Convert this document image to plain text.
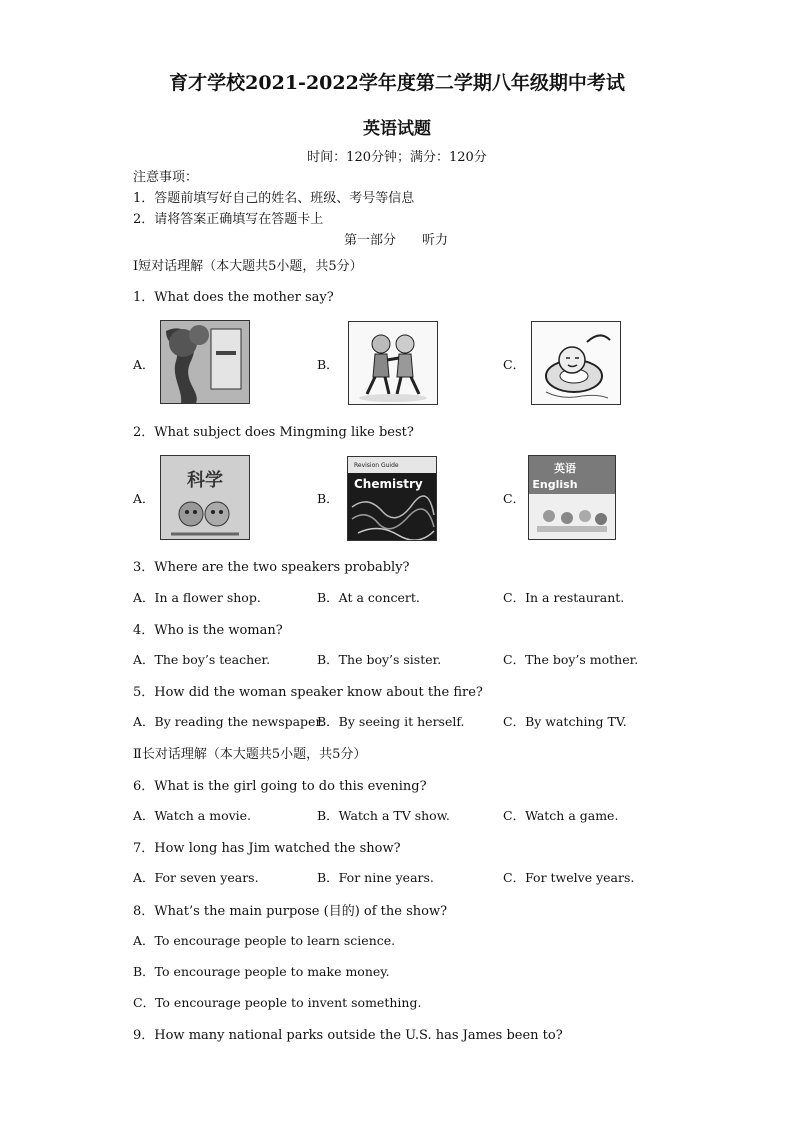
育才学校2021-2022学年度第二学期八年级期中考试
英语试题
时间：120分钟；满分：120分
注意事项：
1．答题前填写好自己的姓名、班级、考号等信息
2．请将答案正确填写在答题卡上
第一部分　　听力
Ⅰ短对话理解（本大题共5小题，共5分）
1．What does the mother say?
A．	B．	C．
2．What subject does Mingming like best?
A．
科学
B．
Revision Guide
Chemistry
C．
英语
English
3．Where are the two speakers probably?
A．In a flower shop.	B．At a concert.	C．In a restaurant.
4．Who is the woman?
A．The boy’s teacher.	B．The boy’s sister.	C．The boy’s mother.
5．How did the woman speaker know about the fire?
A．By reading the newspaper.
B．By seeing it herself.	C．By watching TV.
Ⅱ长对话理解（本大题共5小题，共5分）
6．What is the girl going to do this evening?
A．Watch a movie.	B．Watch a TV show.	C．Watch a game.
7．How long has Jim watched the show?
A．For seven years.	B．For nine years.	C．For twelve years.
8．What’s the main purpose (目的) of the show?
A．To encourage people to learn science.
B．To encourage people to make money.
C．To encourage people to invent something.
9．How many national parks outside the U.S. has James been to?
